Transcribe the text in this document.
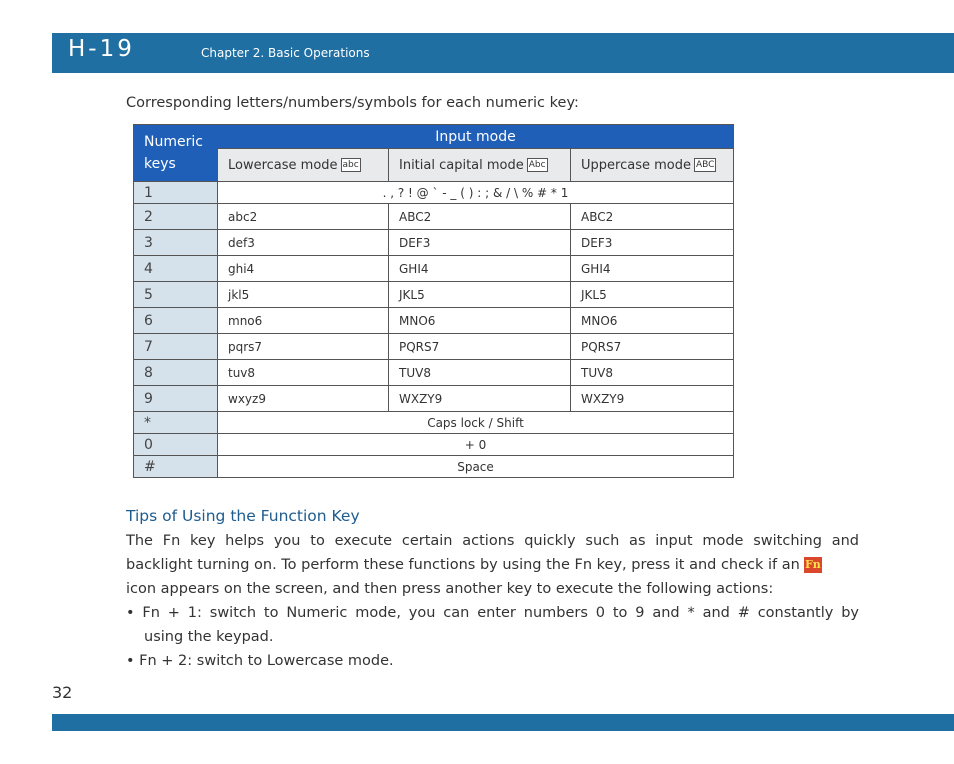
H-19	Chapter 2. Basic Operations
Corresponding letters/numbers/symbols for each numeric key:
Numeric keys	Input mode		
	Lowercase mode abc	Initial capital mode Abc	Uppercase mode ABC
1	. , ? ! @ ` - _ ( ) : ; & / \ % # * 1		
2	abc2	ABC2	ABC2
3	def3	DEF3	DEF3
4	ghi4	GHI4	GHI4
5	jkl5	JKL5	JKL5
6	mno6	MNO6	MNO6
7	pqrs7	PQRS7	PQRS7
8	tuv8	TUV8	TUV8
9	wxyz9	WXZY9	WXZY9
*	Caps lock / Shift		
0	+ 0		
#	Space		
Tips of Using the Function Key
The Fn key helps you to execute certain actions quickly such as input mode switching and
backlight turning on. To perform these functions by using the Fn key, press it and check if an Fn
icon appears on the screen, and then press another key to execute the following actions:
• Fn + 1: switch to Numeric mode, you can enter numbers 0 to 9 and * and # constantly by
using the keypad.
• Fn + 2: switch to Lowercase mode.
32
